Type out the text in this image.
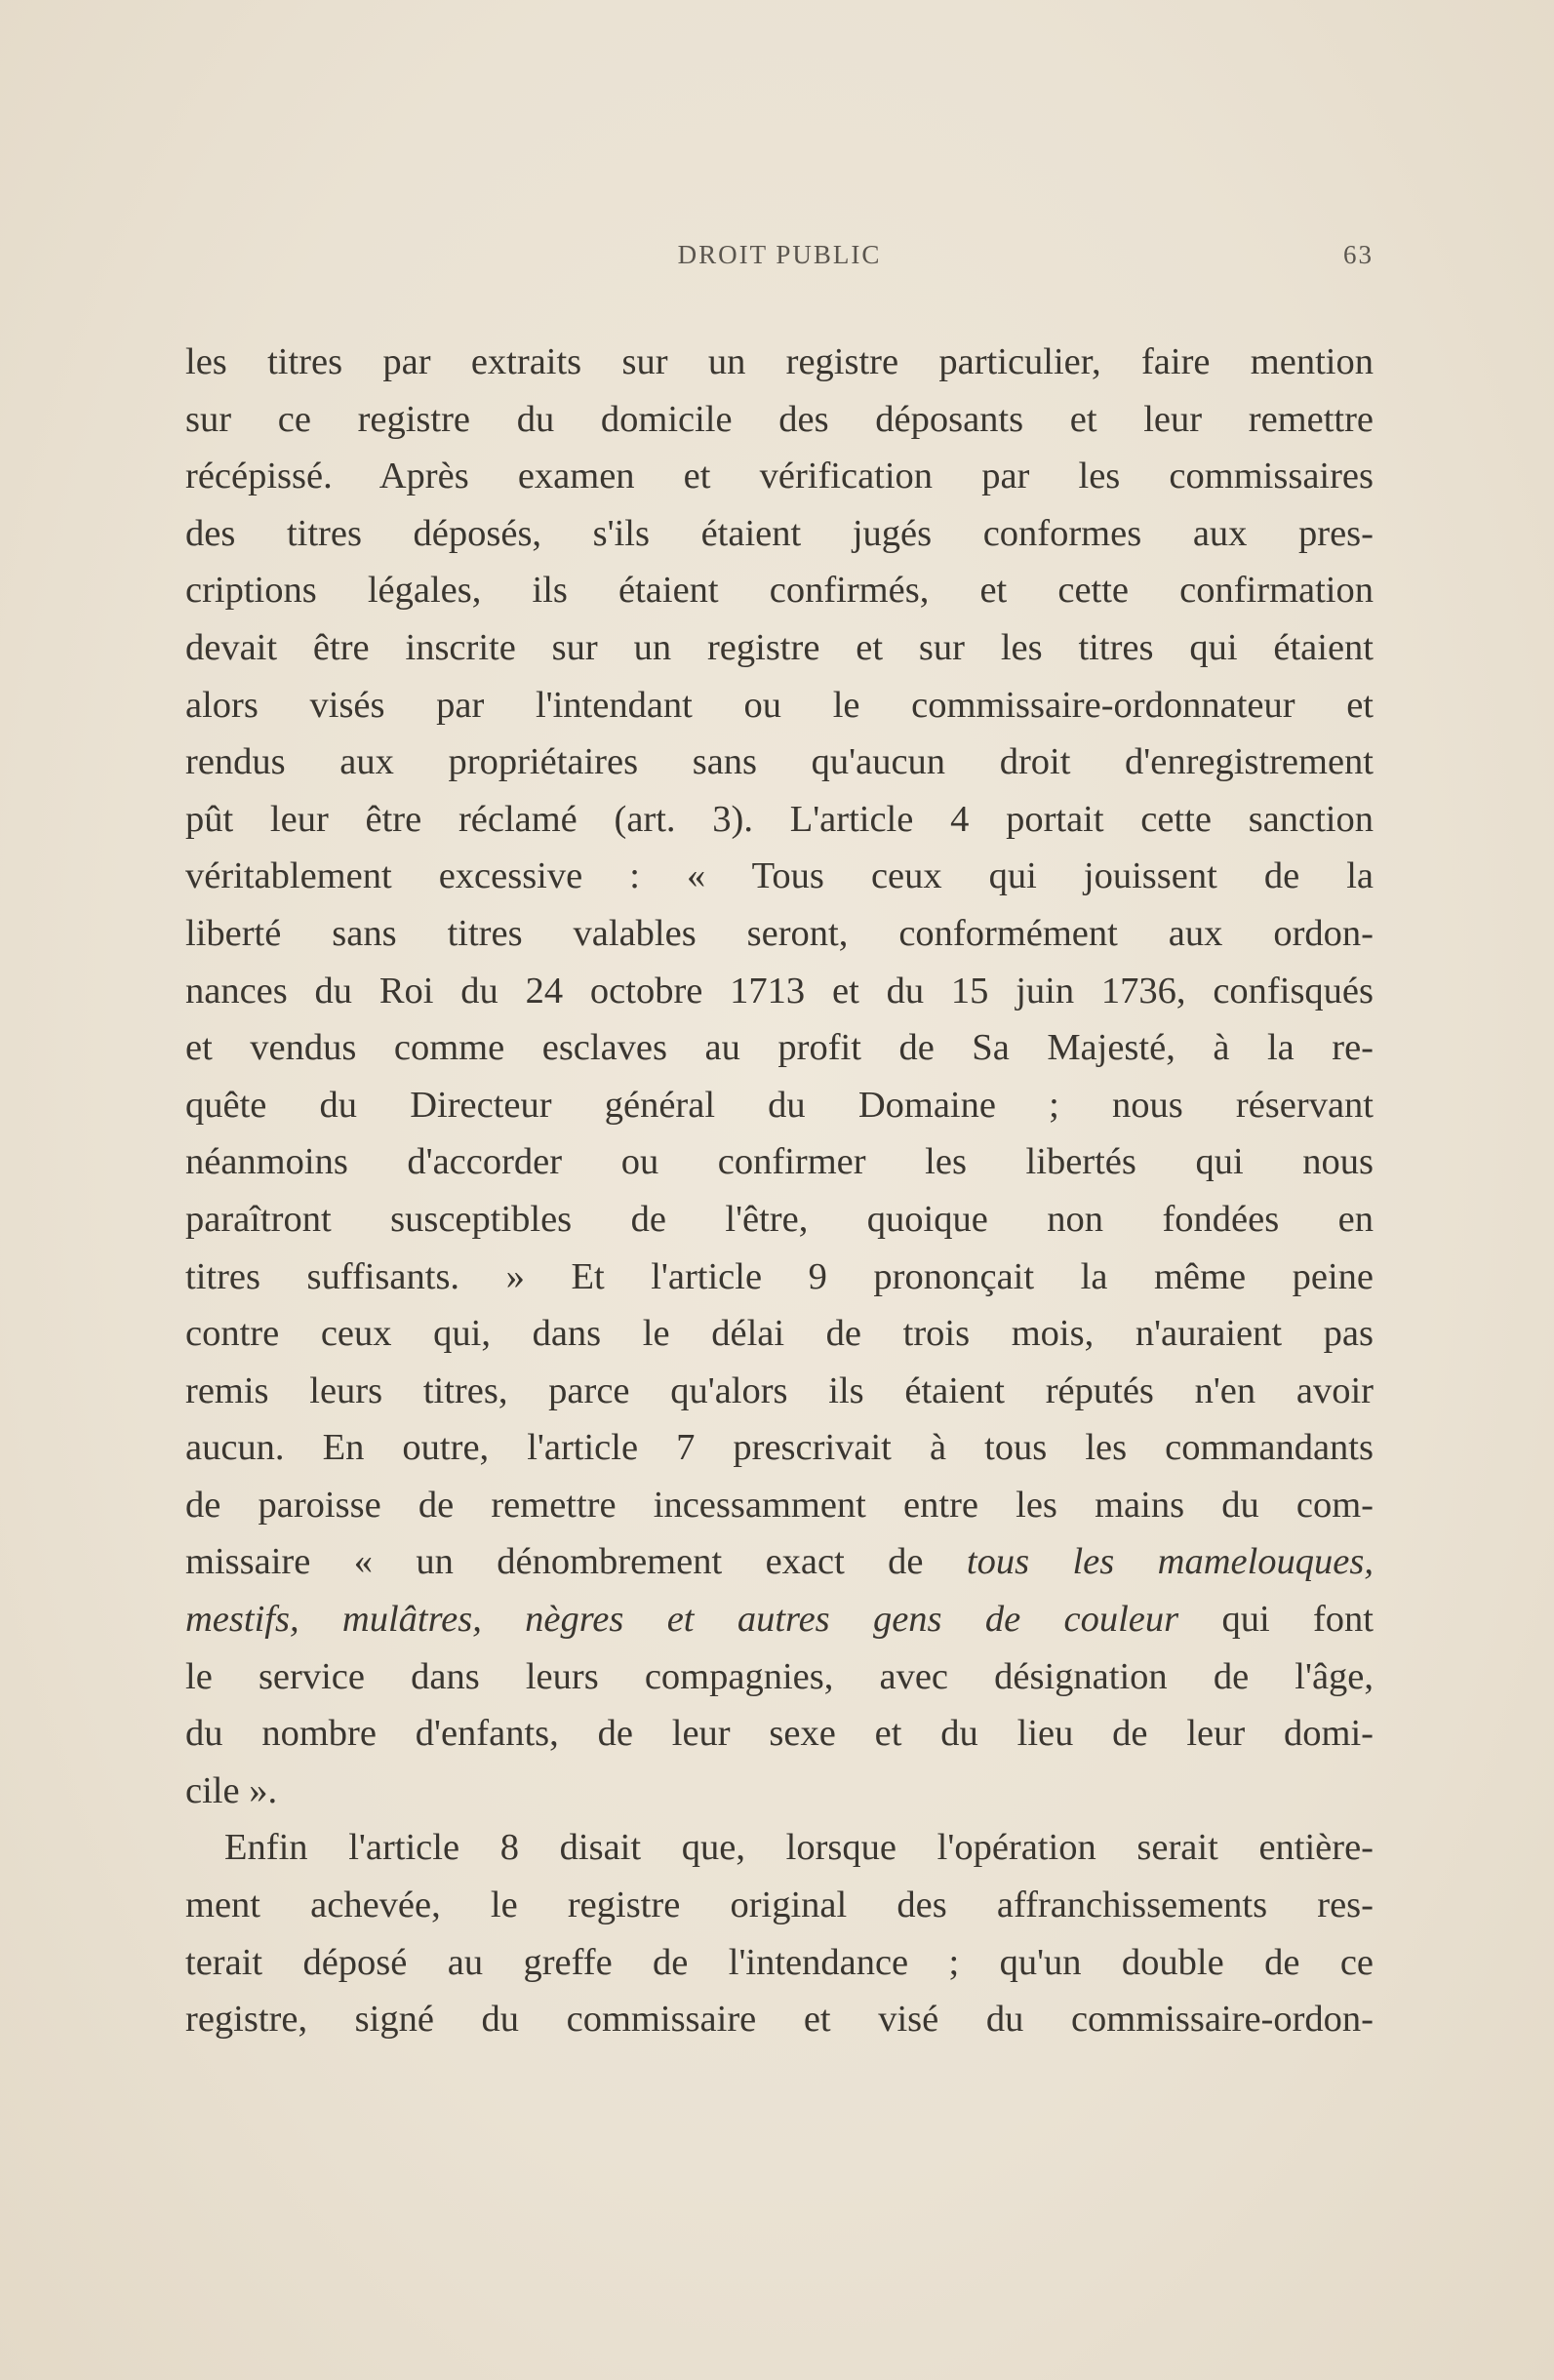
DROIT PUBLIC	63
les titres par extraits sur un registre particulier, faire mention
sur ce registre du domicile des déposants et leur remettre
récépissé. Après examen et vérification par les commissaires
des titres déposés, s'ils étaient jugés conformes aux pres-
criptions légales, ils étaient confirmés, et cette confirmation
devait être inscrite sur un registre et sur les titres qui étaient
alors visés par l'intendant ou le commissaire-ordonnateur et
rendus aux propriétaires sans qu'aucun droit d'enregistrement
pût leur être réclamé (art. 3). L'article 4 portait cette sanction
véritablement excessive : « Tous ceux qui jouissent de la
liberté sans titres valables seront, conformément aux ordon-
nances du Roi du 24 octobre 1713 et du 15 juin 1736, confisqués
et vendus comme esclaves au profit de Sa Majesté, à la re-
quête du Directeur général du Domaine ; nous réservant
néanmoins d'accorder ou confirmer les libertés qui nous
paraîtront susceptibles de l'être, quoique non fondées en
titres suffisants. » Et l'article 9 prononçait la même peine
contre ceux qui, dans le délai de trois mois, n'auraient pas
remis leurs titres, parce qu'alors ils étaient réputés n'en avoir
aucun. En outre, l'article 7 prescrivait à tous les commandants
de paroisse de remettre incessamment entre les mains du com-
missaire « un dénombrement exact de tous les mamelouques,
mestifs, mulâtres, nègres et autres gens de couleur qui font
le service dans leurs compagnies, avec désignation de l'âge,
du nombre d'enfants, de leur sexe et du lieu de leur domi-
cile ».
Enfin l'article 8 disait que, lorsque l'opération serait entière-
ment achevée, le registre original des affranchissements res-
terait déposé au greffe de l'intendance ; qu'un double de ce
registre, signé du commissaire et visé du commissaire-ordon-
